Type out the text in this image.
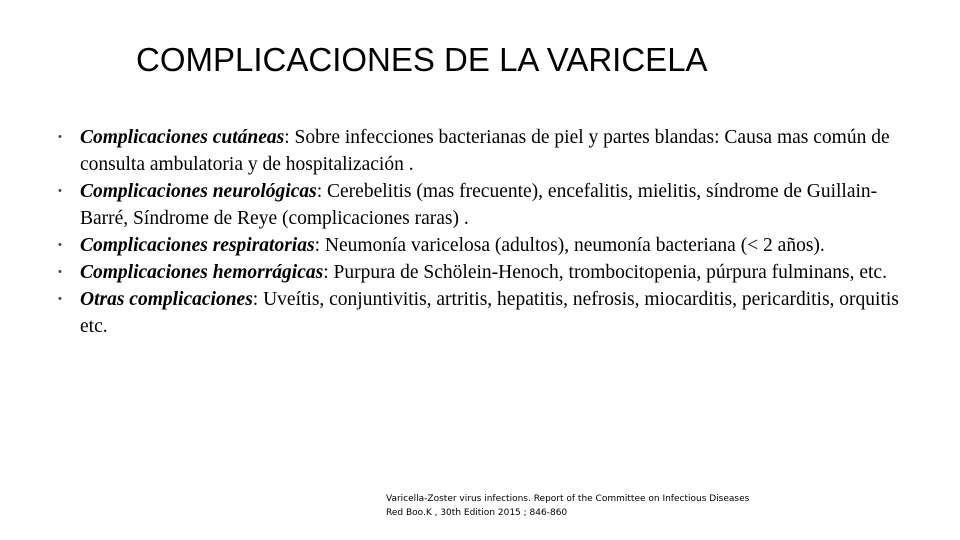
COMPLICACIONES DE LA VARICELA
• Complicaciones cutáneas: Sobre infecciones bacterianas de piel y partes blandas: Causa mas común de consulta ambulatoria y de hospitalización .
• Complicaciones neurológicas: Cerebelitis (mas frecuente), encefalitis, mielitis, síndrome de Guillain-Barré, Síndrome de Reye (complicaciones raras) .
• Complicaciones respiratorias: Neumonía varicelosa (adultos), neumonía bacteriana (< 2 años).
• Complicaciones hemorrágicas: Purpura de Schölein-Henoch, trombocitopenia, púrpura fulminans, etc.
• Otras complicaciones: Uveítis, conjuntivitis, artritis, hepatitis, nefrosis, miocarditis, pericarditis, orquitis etc.
Varicella-Zoster virus infections. Report of the Committee on Infectious Diseases
Red Boo.K , 30th Edition 2015 ; 846-860
